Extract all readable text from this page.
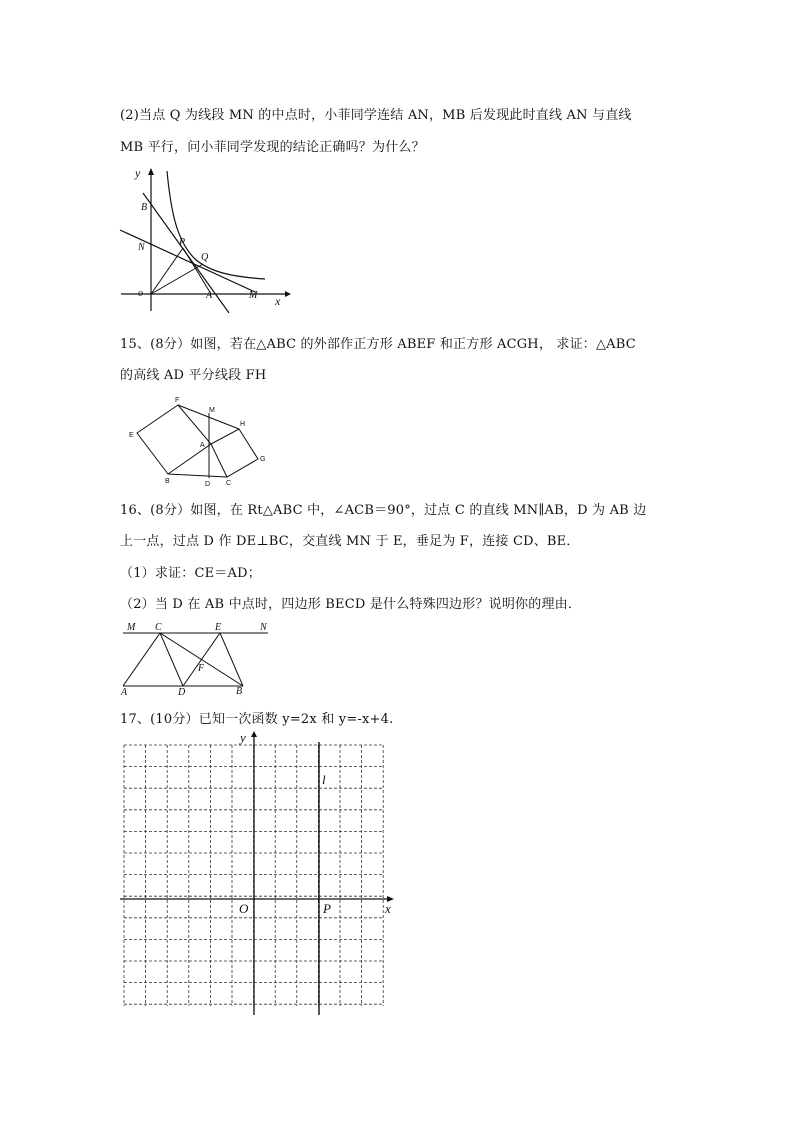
(2)当点 Q 为线段 MN 的中点时，小菲同学连结 AN，MB 后发现此时直线 AN 与直线
MB 平行，问小菲同学发现的结论正确吗？为什么？
y
x
B
N	P
Q
o	A	M
15、(8分）如图，若在△ABC 的外部作正方形 ABEF 和正方形 ACGH， 求证：△ABC
的高线 AD 平分线段 FH
F
M
H
E
A
G
B	D C
16、(8分）如图，在 Rt△ABC 中，∠ACB＝90°，过点 C 的直线 MN∥AB，D 为 AB 边
上一点，过点 D 作 DE⊥BC，交直线 MN 于 E，垂足为 F，连接 CD、BE．
（1）求证：CE＝AD；
（2）当 D 在 AB 中点时，四边形 BECD 是什么特殊四边形？说明你的理由．
M C	E	N
F
A	D	B
17、(10分）已知一次函数 y=2x 和 y=-x+4.
y
l
O	P	x
